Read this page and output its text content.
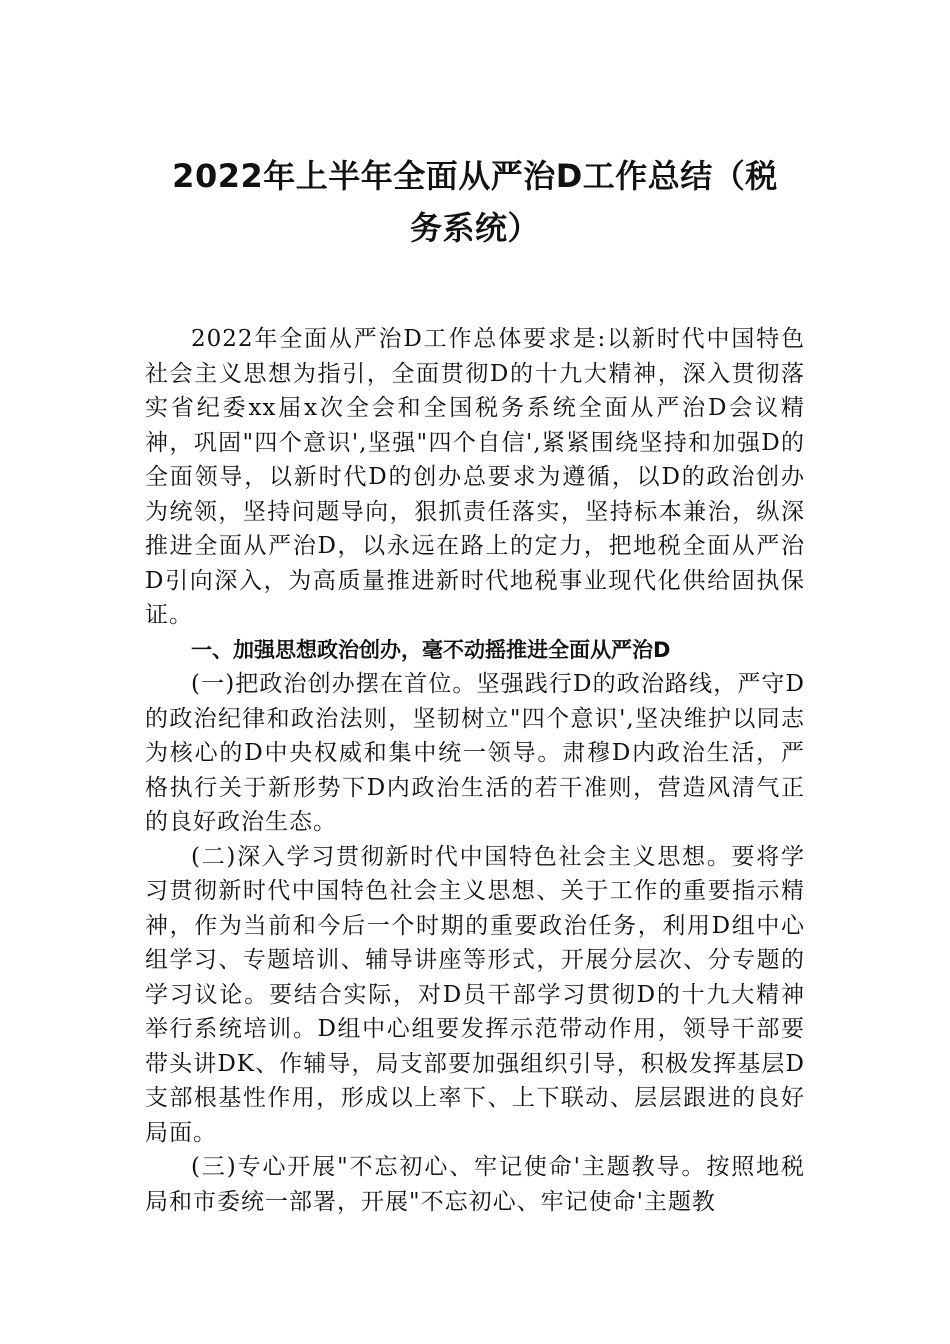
2022年上半年全面从严治D工作总结（税
务系统）

2022年全面从严治D工作总体要求是:以新时代中国特色社会主义思想为指引，全面贯彻D的十九大精神，深入贯彻落实省纪委xx届x次全会和全国税务系统全面从严治D会议精神，巩固"四个意识',坚强"四个自信',紧紧围绕坚持和加强D的全面领导，以新时代D的创办总要求为遵循，以D的政治创办为统领，坚持问题导向，狠抓责任落实，坚持标本兼治，纵深推进全面从严治D，以永远在路上的定力，把地税全面从严治D引向深入，为高质量推进新时代地税事业现代化供给固执保证。

一、加强思想政治创办，毫不动摇推进全面从严治D

(一)把政治创办摆在首位。坚强践行D的政治路线，严守D的政治纪律和政治法则，坚韧树立"四个意识',坚决维护以同志为核心的D中央权威和集中统一领导。肃穆D内政治生活，严格执行关于新形势下D内政治生活的若干准则，营造风清气正的良好政治生态。

(二)深入学习贯彻新时代中国特色社会主义思想。要将学习贯彻新时代中国特色社会主义思想、关于工作的重要指示精神，作为当前和今后一个时期的重要政治任务，利用D组中心组学习、专题培训、辅导讲座等形式，开展分层次、分专题的学习议论。要结合实际，对D员干部学习贯彻D的十九大精神举行系统培训。D组中心组要发挥示范带动作用，领导干部要带头讲DK、作辅导，局支部要加强组织引导，积极发挥基层D支部根基性作用，形成以上率下、上下联动、层层跟进的良好局面。

(三)专心开展"不忘初心、牢记使命'主题教导。按照地税局和市委统一部署，开展"不忘初心、牢记使命'主题教
